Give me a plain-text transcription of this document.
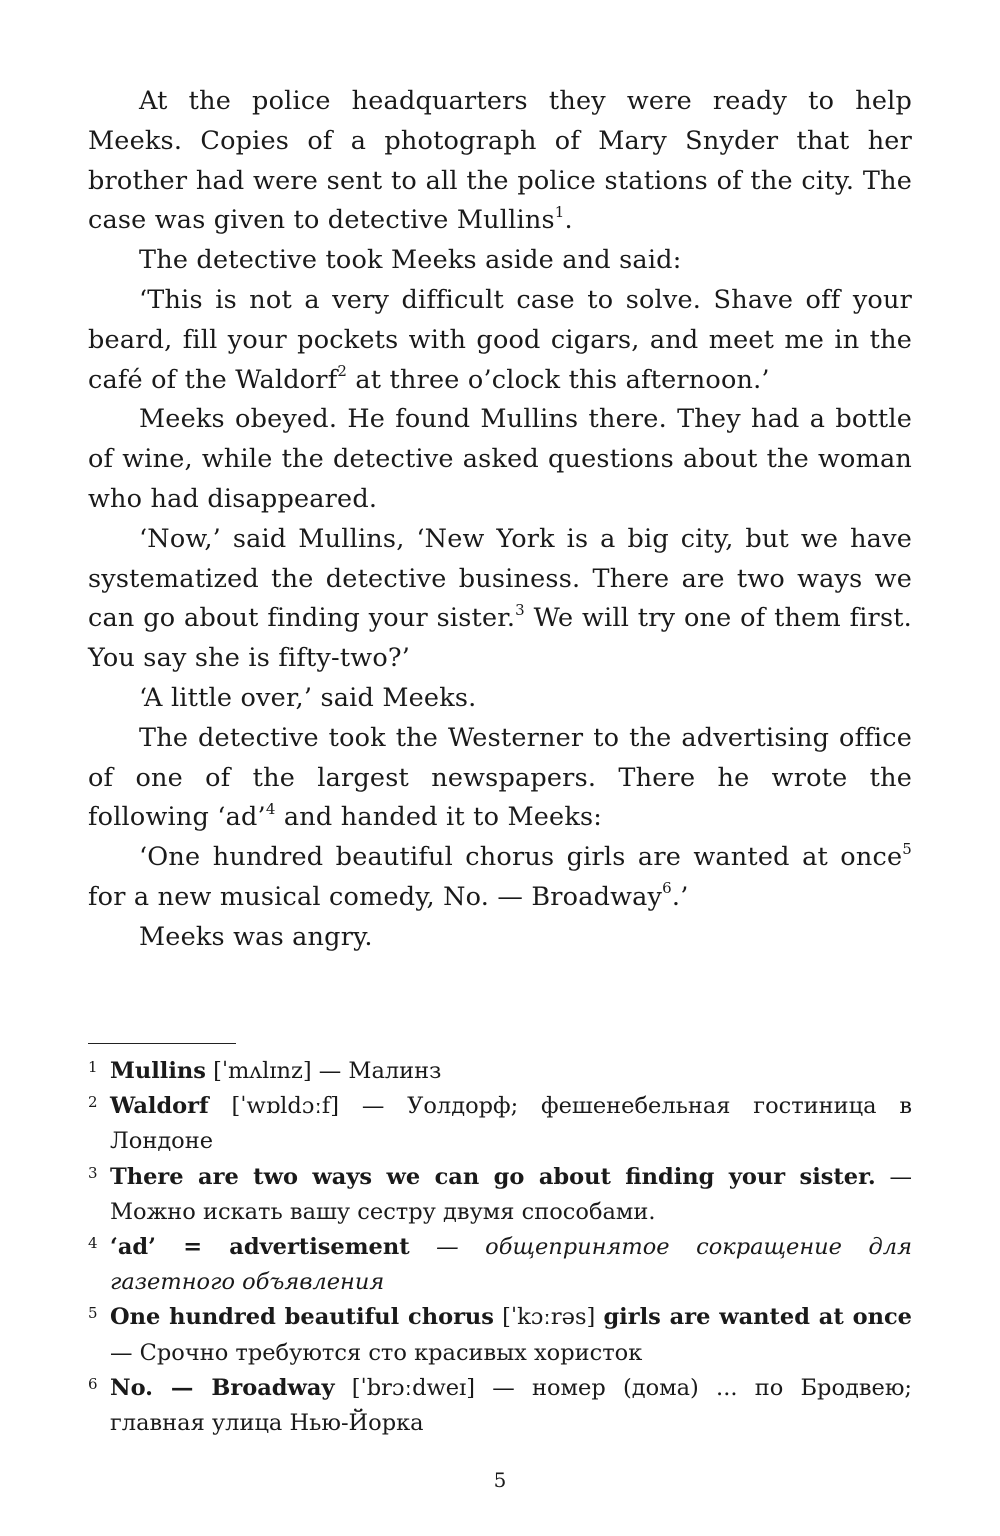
At the police headquarters they were ready to help Meeks. Copies of a photograph of Mary Snyder that her brother had were sent to all the police stations of the city. The case was given to detective Mullins$^1$.

The detective took Meeks aside and said:

‘This is not a very difficult case to solve. Shave off your beard, fill your pockets with good cigars, and meet me in the café of the Waldorf$^2$ at three o’clock this afternoon.’

Meeks obeyed. He found Mullins there. They had a bottle of wine, while the detective asked questions about the woman who had disappeared.

‘Now,’ said Mullins, ‘New York is a big city, but we have systematized the detective business. There are two ways we can go about finding your sister.$^3$ We will try one of them first. You say she is fifty-two?’

‘A little over,’ said Meeks.

The detective took the Westerner to the advertising office of one of the largest newspapers. There he wrote the following ‘ad’$^4$ and handed it to Meeks:

‘One hundred beautiful chorus girls are wanted at once$^5$ for a new musical comedy, No. — Broadway$^6$.’

Meeks was angry.

1 Mullins [ˈmʌlɪnz] — Малинз
2 Waldorf [ˈwɒldɔːf] — Уолдорф; фешенебельная гостиница в Лондоне
3 There are two ways we can go about finding your sister. — Можно искать вашу сестру двумя способами.
4 ‘ad’ = advertisement — общепринятое сокращение для газетного объявления
5 One hundred beautiful chorus [ˈkɔːrəs] girls are wanted at once — Срочно требуются сто красивых хористок
6 No. — Broadway [ˈbrɔːdweɪ] — номер (дома) ... по Бродвею; главная улица Нью-Йорка
5
